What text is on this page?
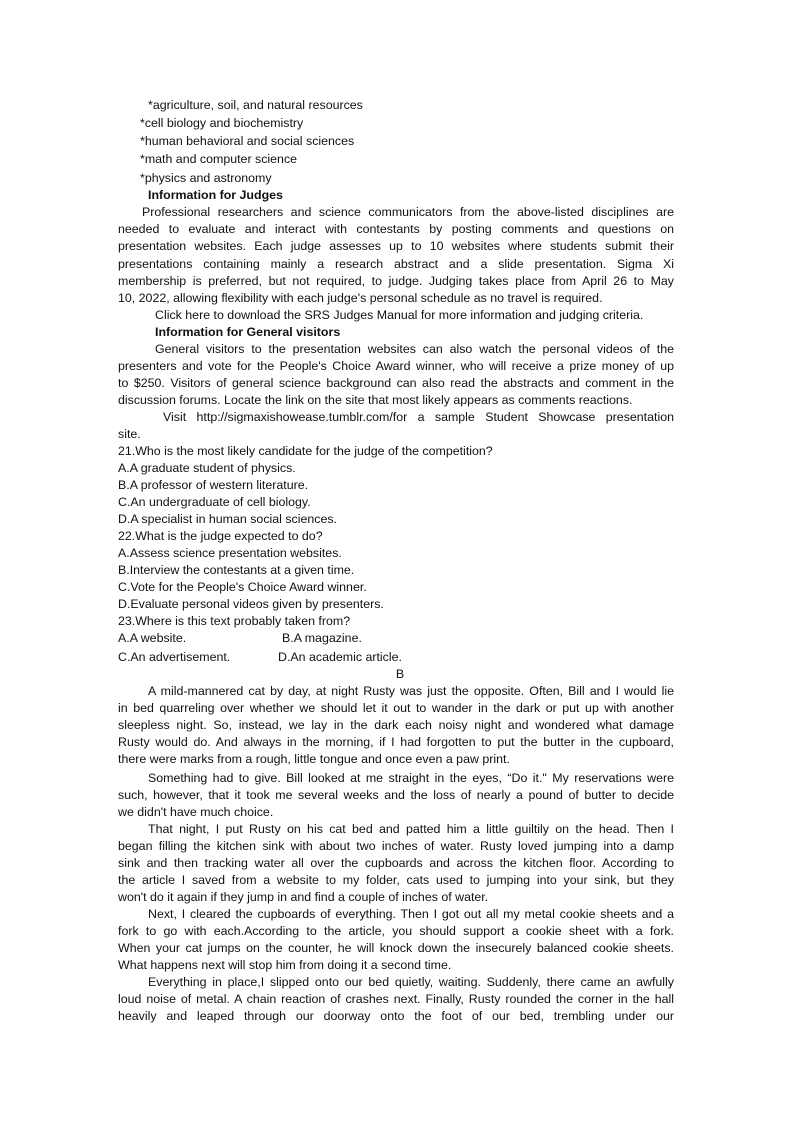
*agriculture, soil, and natural resources
*cell biology and biochemistry
*human behavioral and social sciences
*math and computer science
*physics and astronomy
Information for Judges
Professional researchers and science communicators from the above-listed disciplines are
needed to evaluate and interact with contestants by posting comments and questions on
presentation websites. Each judge assesses up to 10 websites where students submit their
presentations containing mainly a research abstract and a slide presentation. Sigma Xi
membership is preferred, but not required, to judge. Judging takes place from April 26 to May
10, 2022, allowing flexibility with each judge's personal schedule as no travel is required.
Click here to download the SRS Judges Manual for more information and judging criteria.
Information for General visitors
General visitors to the presentation websites can also watch the personal videos of the
presenters and vote for the People's Choice Award winner, who will receive a prize money of up
to $250. Visitors of general science background can also read the abstracts and comment in the
discussion forums. Locate the link on the site that most likely appears as comments reactions.
Visit http://sigmaxishowease.tumblr.com/for a sample Student Showcase presentation
site.
21.Who is the most likely candidate for the judge of the competition?
A.A graduate student of physics.
B.A professor of western literature.
C.An undergraduate of cell biology.
D.A specialist in human social sciences.
22.What is the judge expected to do?
A.Assess science presentation websites.
B.Interview the contestants at a given time.
C.Vote for the People's Choice Award winner.
D.Evaluate personal videos given by presenters.
23.Where is this text probably taken from?
A.A website.	B.A magazine.
C.An advertisement.	D.An academic article.
B
A mild-mannered cat by day, at night Rusty was just the opposite. Often, Bill and I would lie
in bed quarreling over whether we should let it out to wander in the dark or put up with another
sleepless night. So, instead, we lay in the dark each noisy night and wondered what damage
Rusty would do. And always in the morning, if I had forgotten to put the butter in the cupboard,
there were marks from a rough, little tongue and once even a paw print.
Something had to give. Bill looked at me straight in the eyes, “Do it." My reservations were
such, however, that it took me several weeks and the loss of nearly a pound of butter to decide
we didn't have much choice.
That night, I put Rusty on his cat bed and patted him a little guiltily on the head. Then I
began filling the kitchen sink with about two inches of water. Rusty loved jumping into a damp
sink and then tracking water all over the cupboards and across the kitchen floor. According to
the article I saved from a website to my folder, cats used to jumping into your sink, but they
won't do it again if they jump in and find a couple of inches of water.
Next, I cleared the cupboards of everything. Then I got out all my metal cookie sheets and a
fork to go with each.According to the article, you should support a cookie sheet with a fork.
When your cat jumps on the counter, he will knock down the insecurely balanced cookie sheets.
What happens next will stop him from doing it a second time.
Everything in place,I slipped onto our bed quietly, waiting. Suddenly, there came an awfully
loud noise of metal. A chain reaction of crashes next. Finally, Rusty rounded the corner in the hall
heavily and leaped through our doorway onto the foot of our bed, trembling under our
